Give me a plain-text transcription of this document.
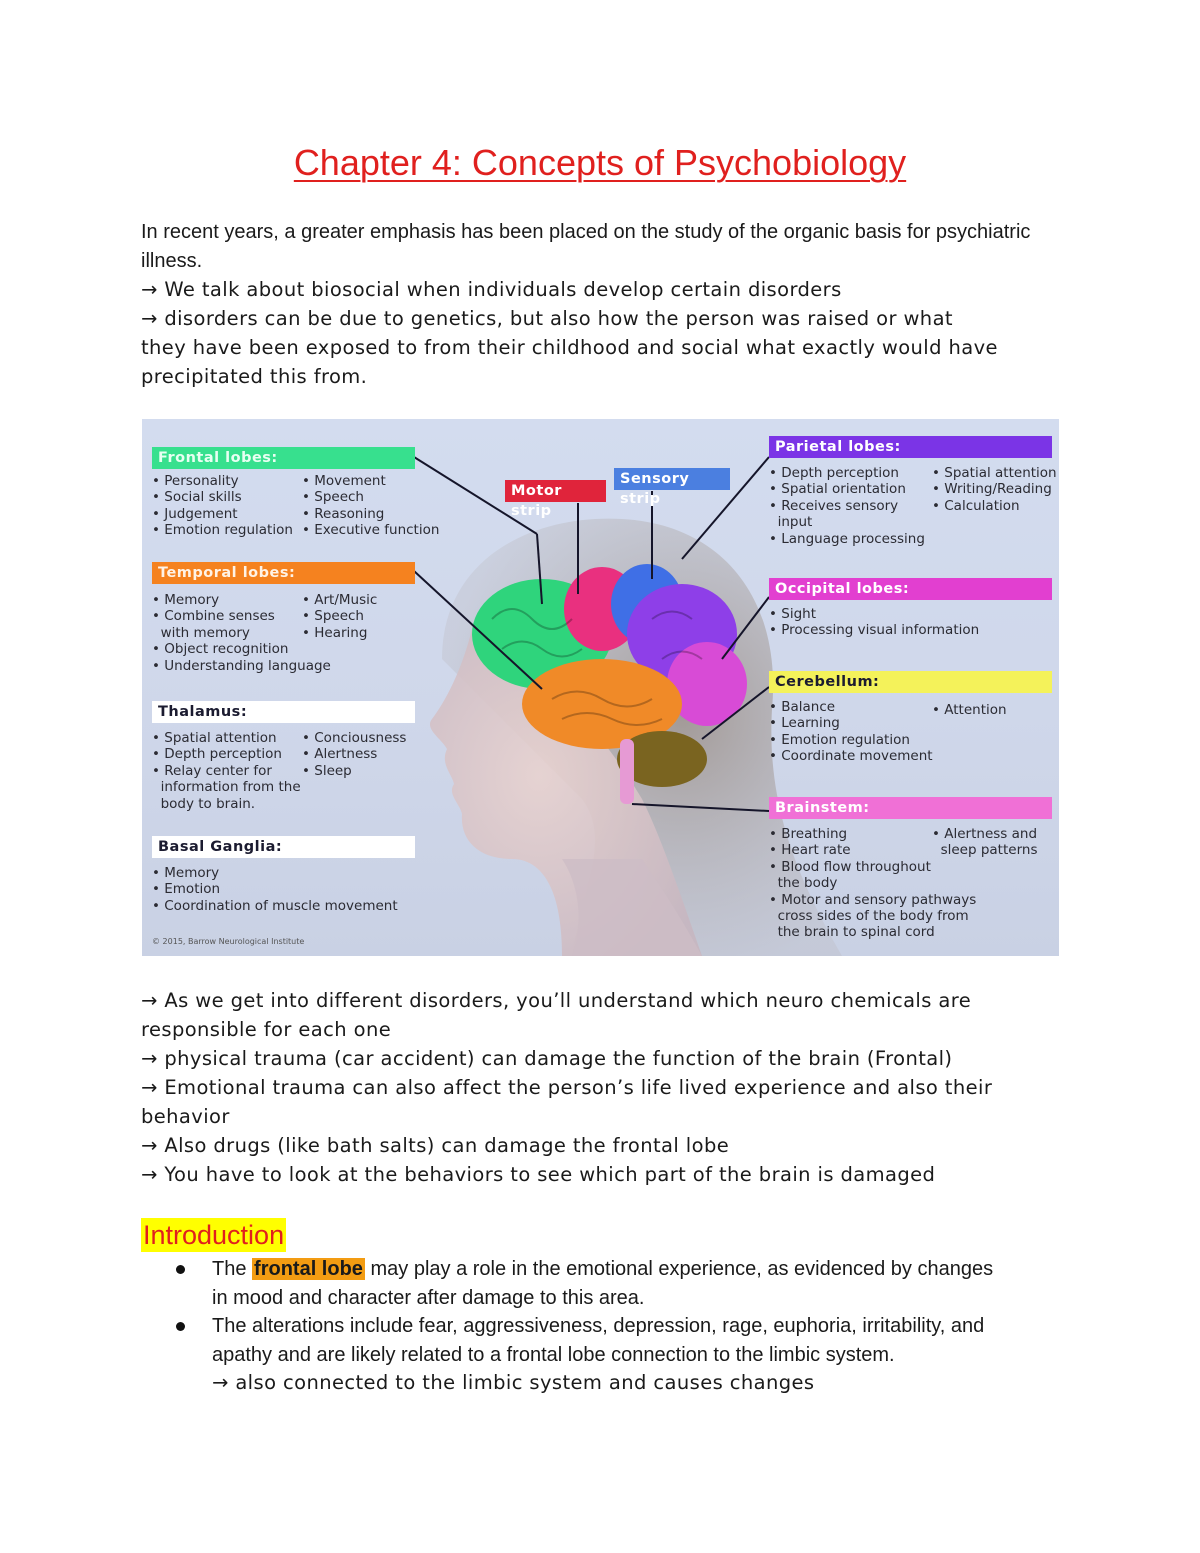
Chapter 4: Concepts of Psychobiology
In recent years, a greater emphasis has been placed on the study of the organic basis for psychiatric illness.
→ We talk about biosocial when individuals develop certain disorders
→ disorders can be due to genetics, but also how the person was raised or what
they have been exposed to from their childhood and social what exactly would have
precipitated this from.
Frontal lobes:
• Personality
• Social skills
• Judgement
• Emotion regulation
• Movement
• Speech
• Reasoning
• Executive function
Temporal lobes:
• Memory
• Combine senses
with memory
• Object recognition
• Understanding language
• Art/Music
• Speech
• Hearing
Thalamus:
• Spatial attention
• Depth perception
• Relay center for
information from the
body to brain.
• Conciousness
• Alertness
• Sleep
Basal Ganglia:
• Memory
• Emotion
• Coordination of muscle movement
Motor strip
Sensory strip
Parietal lobes:
• Depth perception
• Spatial orientation
• Receives sensory
input
• Language processing
• Spatial attention
• Writing/Reading
• Calculation
Occipital lobes:
• Sight
• Processing visual information
Cerebellum:
• Balance
• Learning
• Emotion regulation
• Coordinate movement
• Attention
Brainstem:
• Breathing
• Heart rate
• Blood flow throughout
the body
• Motor and sensory pathways
cross sides of the body from
the brain to spinal cord
• Alertness and
sleep patterns
© 2015, Barrow Neurological Institute
→ As we get into different disorders, you’ll understand which neuro chemicals are
responsible for each one
→ physical trauma (car accident) can damage the function of the brain (Frontal)
→ Emotional trauma can also affect the person’s life lived experience and also their
behavior
→ Also drugs (like bath salts) can damage the frontal lobe
→ You have to look at the behaviors to see which part of the brain is damaged
Introduction
The frontal lobe may play a role in the emotional experience, as evidenced by changes
in mood and character after damage to this area.
The alterations include fear, aggressiveness, depression, rage, euphoria, irritability, and
apathy and are likely related to a frontal lobe connection to the limbic system.
→ also connected to the limbic system and causes changes
